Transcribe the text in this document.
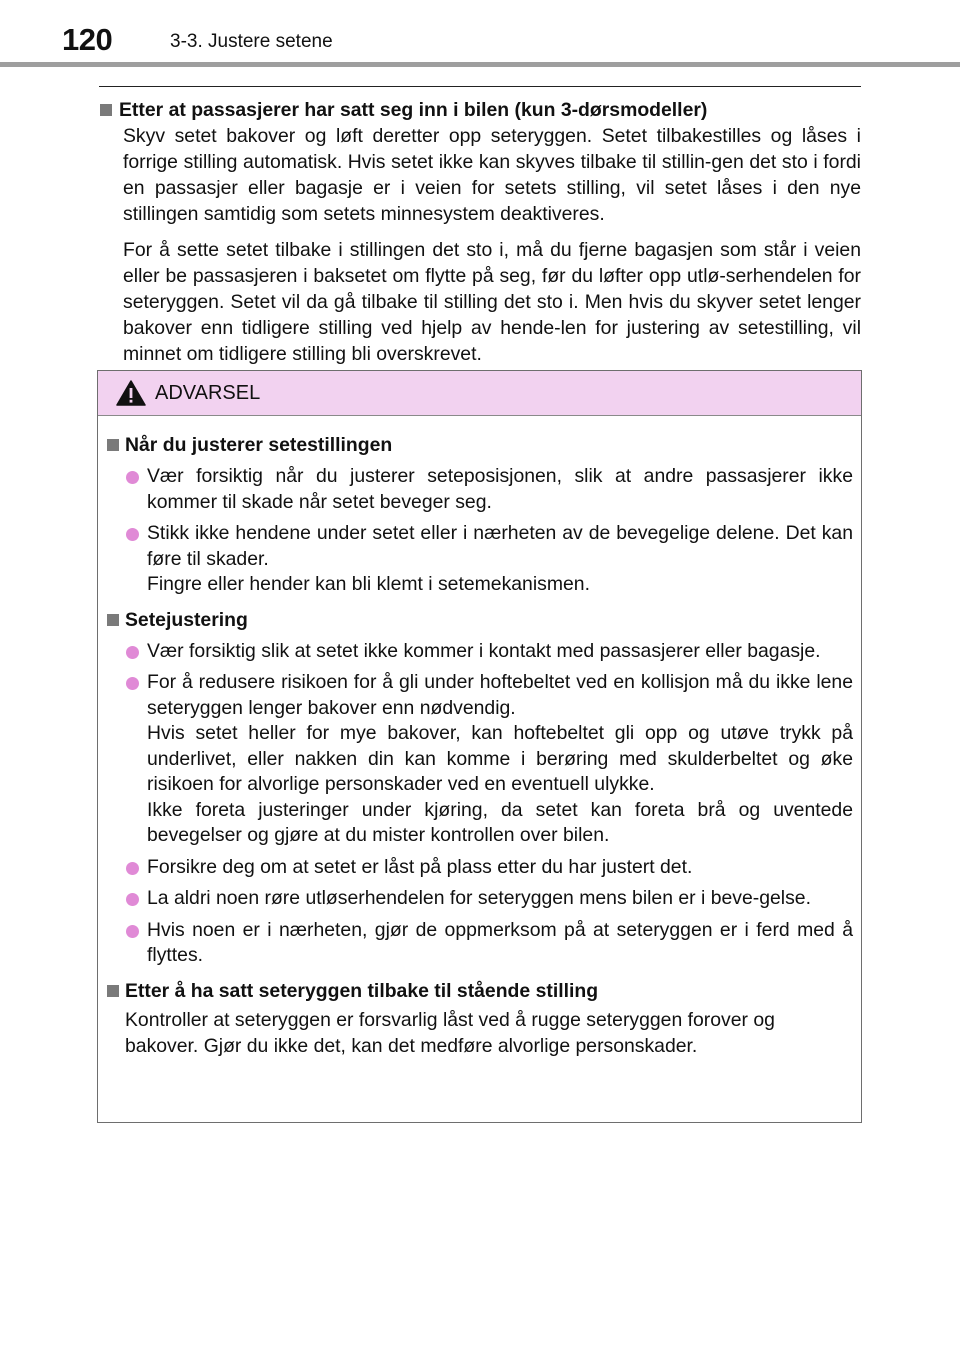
120	3-3. Justere setene
Etter at passasjerer har satt seg inn i bilen (kun 3-dørsmodeller)

Skyv setet bakover og løft deretter opp seteryggen. Setet tilbakestilles og låses i forrige stilling automatisk. Hvis setet ikke kan skyves tilbake til stillin-gen det sto i fordi en passasjer eller bagasje er i veien for setets stilling, vil setet låses i den nye stillingen samtidig som setets minnesystem deaktiveres.

For å sette setet tilbake i stillingen det sto i, må du fjerne bagasjen som står i veien eller be passasjeren i baksetet om flytte på seg, før du løfter opp utlø-serhendelen for seteryggen. Setet vil da gå tilbake til stilling det sto i. Men hvis du skyver setet lenger bakover enn tidligere stilling ved hjelp av hende-len for justering av setestilling, vil minnet om tidligere stilling bli overskrevet.

ADVARSEL
Når du justerer setestillingen
Vær forsiktig når du justerer seteposisjonen, slik at andre passasjerer ikke kommer til skade når setet beveger seg.
Stikk ikke hendene under setet eller i nærheten av de bevegelige delene. Det kan føre til skader.
Fingre eller hender kan bli klemt i setemekanismen.
Setejustering
Vær forsiktig slik at setet ikke kommer i kontakt med passasjerer eller bagasje.
For å redusere risikoen for å gli under hoftebeltet ved en kollisjon må du ikke lene seteryggen lenger bakover enn nødvendig.
Hvis setet heller for mye bakover, kan hoftebeltet gli opp og utøve trykk på underlivet, eller nakken din kan komme i berøring med skulderbeltet og øke risikoen for alvorlige personskader ved en eventuell ulykke.
Ikke foreta justeringer under kjøring, da setet kan foreta brå og uventede bevegelser og gjøre at du mister kontrollen over bilen.
Forsikre deg om at setet er låst på plass etter du har justert det.
La aldri noen røre utløserhendelen for seteryggen mens bilen er i beve-gelse.
Hvis noen er i nærheten, gjør de oppmerksom på at seteryggen er i ferd med å flyttes.
Etter å ha satt seteryggen tilbake til stående stilling

Kontroller at seteryggen er forsvarlig låst ved å rugge seteryggen forover og bakover. Gjør du ikke det, kan det medføre alvorlige personskader.
